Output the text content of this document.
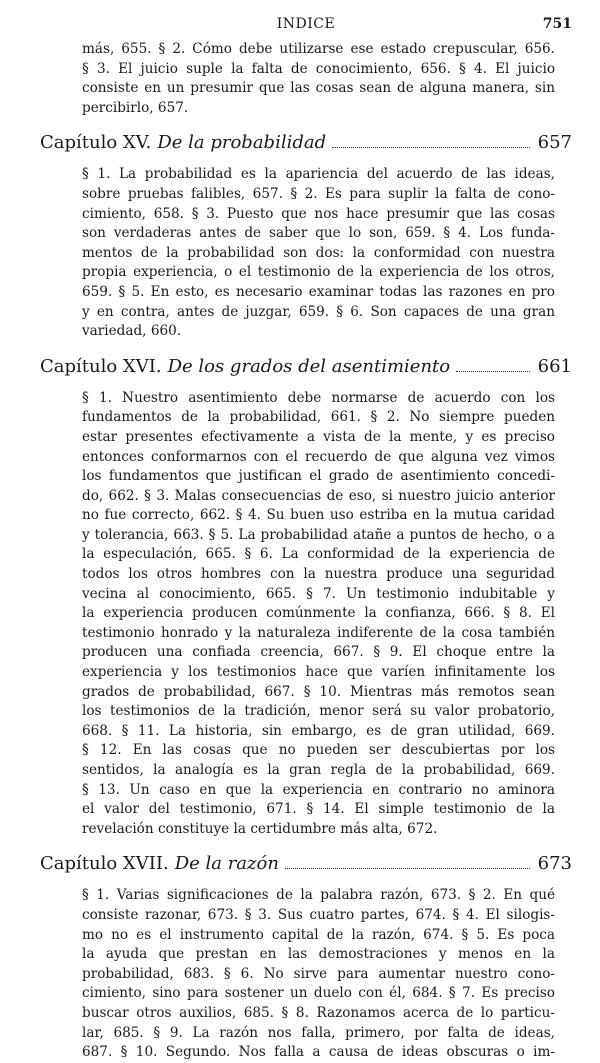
INDICE	751
más, 655. § 2. Cómo debe utilizarse ese estado crepuscular, 656.
§ 3. El juicio suple la falta de conocimiento, 656. § 4. El juicio
consiste en un presumir que las cosas sean de alguna manera, sin
percibirlo, 657.
Capítulo XV. De la probabilidad	657
§ 1. La probabilidad es la apariencia del acuerdo de las ideas,
sobre pruebas falibles, 657. § 2. Es para suplir la falta de cono-
cimiento, 658. § 3. Puesto que nos hace presumir que las cosas
son verdaderas antes de saber que lo son, 659. § 4. Los funda-
mentos de la probabilidad son dos: la conformidad con nuestra
propia experiencia, o el testimonio de la experiencia de los otros,
659. § 5. En esto, es necesario examinar todas las razones en pro
y en contra, antes de juzgar, 659. § 6. Son capaces de una gran
variedad, 660.
Capítulo XVI. De los grados del asentimiento	661
§ 1. Nuestro asentimiento debe normarse de acuerdo con los
fundamentos de la probabilidad, 661. § 2. No siempre pueden
estar presentes efectivamente a vista de la mente, y es preciso
entonces conformarnos con el recuerdo de que alguna vez vimos
los fundamentos que justifican el grado de asentimiento concedi-
do, 662. § 3. Malas consecuencias de eso, si nuestro juicio anterior
no fue correcto, 662. § 4. Su buen uso estriba en la mutua caridad
y tolerancia, 663. § 5. La probabilidad atañe a puntos de hecho, o a
la especulación, 665. § 6. La conformidad de la experiencia de
todos los otros hombres con la nuestra produce una seguridad
vecina al conocimiento, 665. § 7. Un testimonio indubitable y
la experiencia producen comúnmente la confianza, 666. § 8. El
testimonio honrado y la naturaleza indiferente de la cosa también
producen una confiada creencia, 667. § 9. El choque entre la
experiencia y los testimonios hace que varíen infinitamente los
grados de probabilidad, 667. § 10. Mientras más remotos sean
los testimonios de la tradición, menor será su valor probatorio,
668. § 11. La historia, sin embargo, es de gran utilidad, 669.
§ 12. En las cosas que no pueden ser descubiertas por los
sentidos, la analogía es la gran regla de la probabilidad, 669.
§ 13. Un caso en que la experiencia en contrario no aminora
el valor del testimonio, 671. § 14. El simple testimonio de la
revelación constituye la certidumbre más alta, 672.
Capítulo XVII. De la razón	673
§ 1. Varias significaciones de la palabra razón, 673. § 2. En qué
consiste razonar, 673. § 3. Sus cuatro partes, 674. § 4. El silogis-
mo no es el instrumento capital de la razón, 674. § 5. Es poca
la ayuda que prestan en las demostraciones y menos en la
probabilidad, 683. § 6. No sirve para aumentar nuestro cono-
cimiento, sino para sostener un duelo con él, 684. § 7. Es preciso
buscar otros auxilios, 685. § 8. Razonamos acerca de lo particu-
lar, 685. § 9. La razón nos falla, primero, por falta de ideas,
687. § 10. Segundo. Nos falla a causa de ideas obscuras o im-
